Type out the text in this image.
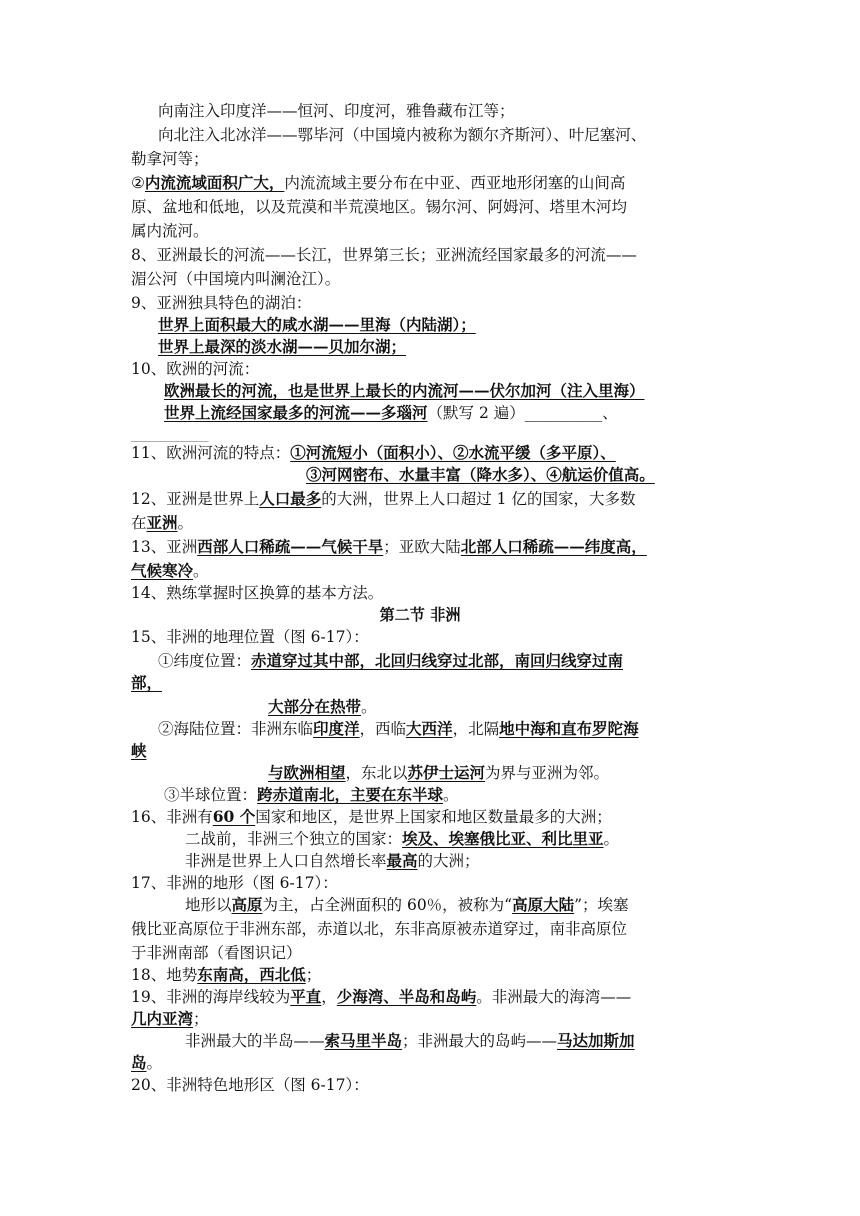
向南注入印度洋——恒河、印度河，雅鲁藏布江等；
向北注入北冰洋——鄂毕河（中国境内被称为额尔齐斯河）、叶尼塞河、
勒拿河等；
②内流流域面积广大，内流流域主要分布在中亚、西亚地形闭塞的山间高
原、盆地和低地，以及荒漠和半荒漠地区。锡尔河、阿姆河、塔里木河均
属内流河。
8、亚洲最长的河流——长江，世界第三长；亚洲流经国家最多的河流——
湄公河（中国境内叫澜沧江）。
9、亚洲独具特色的湖泊：
世界上面积最大的咸水湖——里海（内陆湖）；
世界上最深的淡水湖——贝加尔湖；
10、欧洲的河流：
欧洲最长的河流，也是世界上最长的内流河——伏尔加河（注入里海）
世界上流经国家最多的河流——多瑙河（默写 2 遍）__________、
__________
11、欧洲河流的特点：①河流短小（面积小）、②水流平缓（多平原）、
③河网密布、水量丰富（降水多）、④航运价值高。
12、亚洲是世界上人口最多的大洲，世界上人口超过 1 亿的国家，大多数
在亚洲。
13、亚洲西部人口稀疏——气候干旱；亚欧大陆北部人口稀疏——纬度高，
气候寒冷。
14、熟练掌握时区换算的基本方法。
第二节 非洲
15、非洲的地理位置（图 6-17）：
①纬度位置：赤道穿过其中部，北回归线穿过北部，南回归线穿过南
部，
大部分在热带。
②海陆位置：非洲东临印度洋，西临大西洋，北隔地中海和直布罗陀海
峡
与欧洲相望，东北以苏伊士运河为界与亚洲为邻。
③半球位置：跨赤道南北，主要在东半球。
16、非洲有60 个国家和地区，是世界上国家和地区数量最多的大洲；
二战前，非洲三个独立的国家：埃及、埃塞俄比亚、利比里亚。
非洲是世界上人口自然增长率最高的大洲；
17、非洲的地形（图 6-17）：
地形以高原为主，占全洲面积的 60％，被称为“高原大陆”；埃塞
俄比亚高原位于非洲东部，赤道以北，东非高原被赤道穿过，南非高原位
于非洲南部（看图识记）
18、地势东南高，西北低；
19、非洲的海岸线较为平直，少海湾、半岛和岛屿。非洲最大的海湾——
几内亚湾；
非洲最大的半岛——索马里半岛；非洲最大的岛屿——马达加斯加
岛。
20、非洲特色地形区（图 6-17）：
